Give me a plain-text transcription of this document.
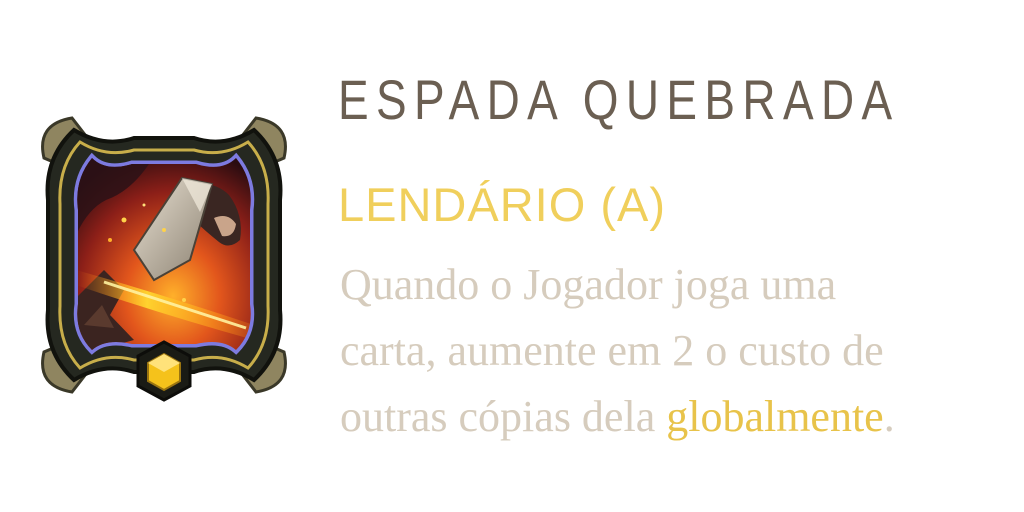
ESPADA QUEBRADA
LENDÁRIO (A)

Quando o Jogador joga uma
carta, aumente em 2 o custo de
outras cópias dela globalmente.
